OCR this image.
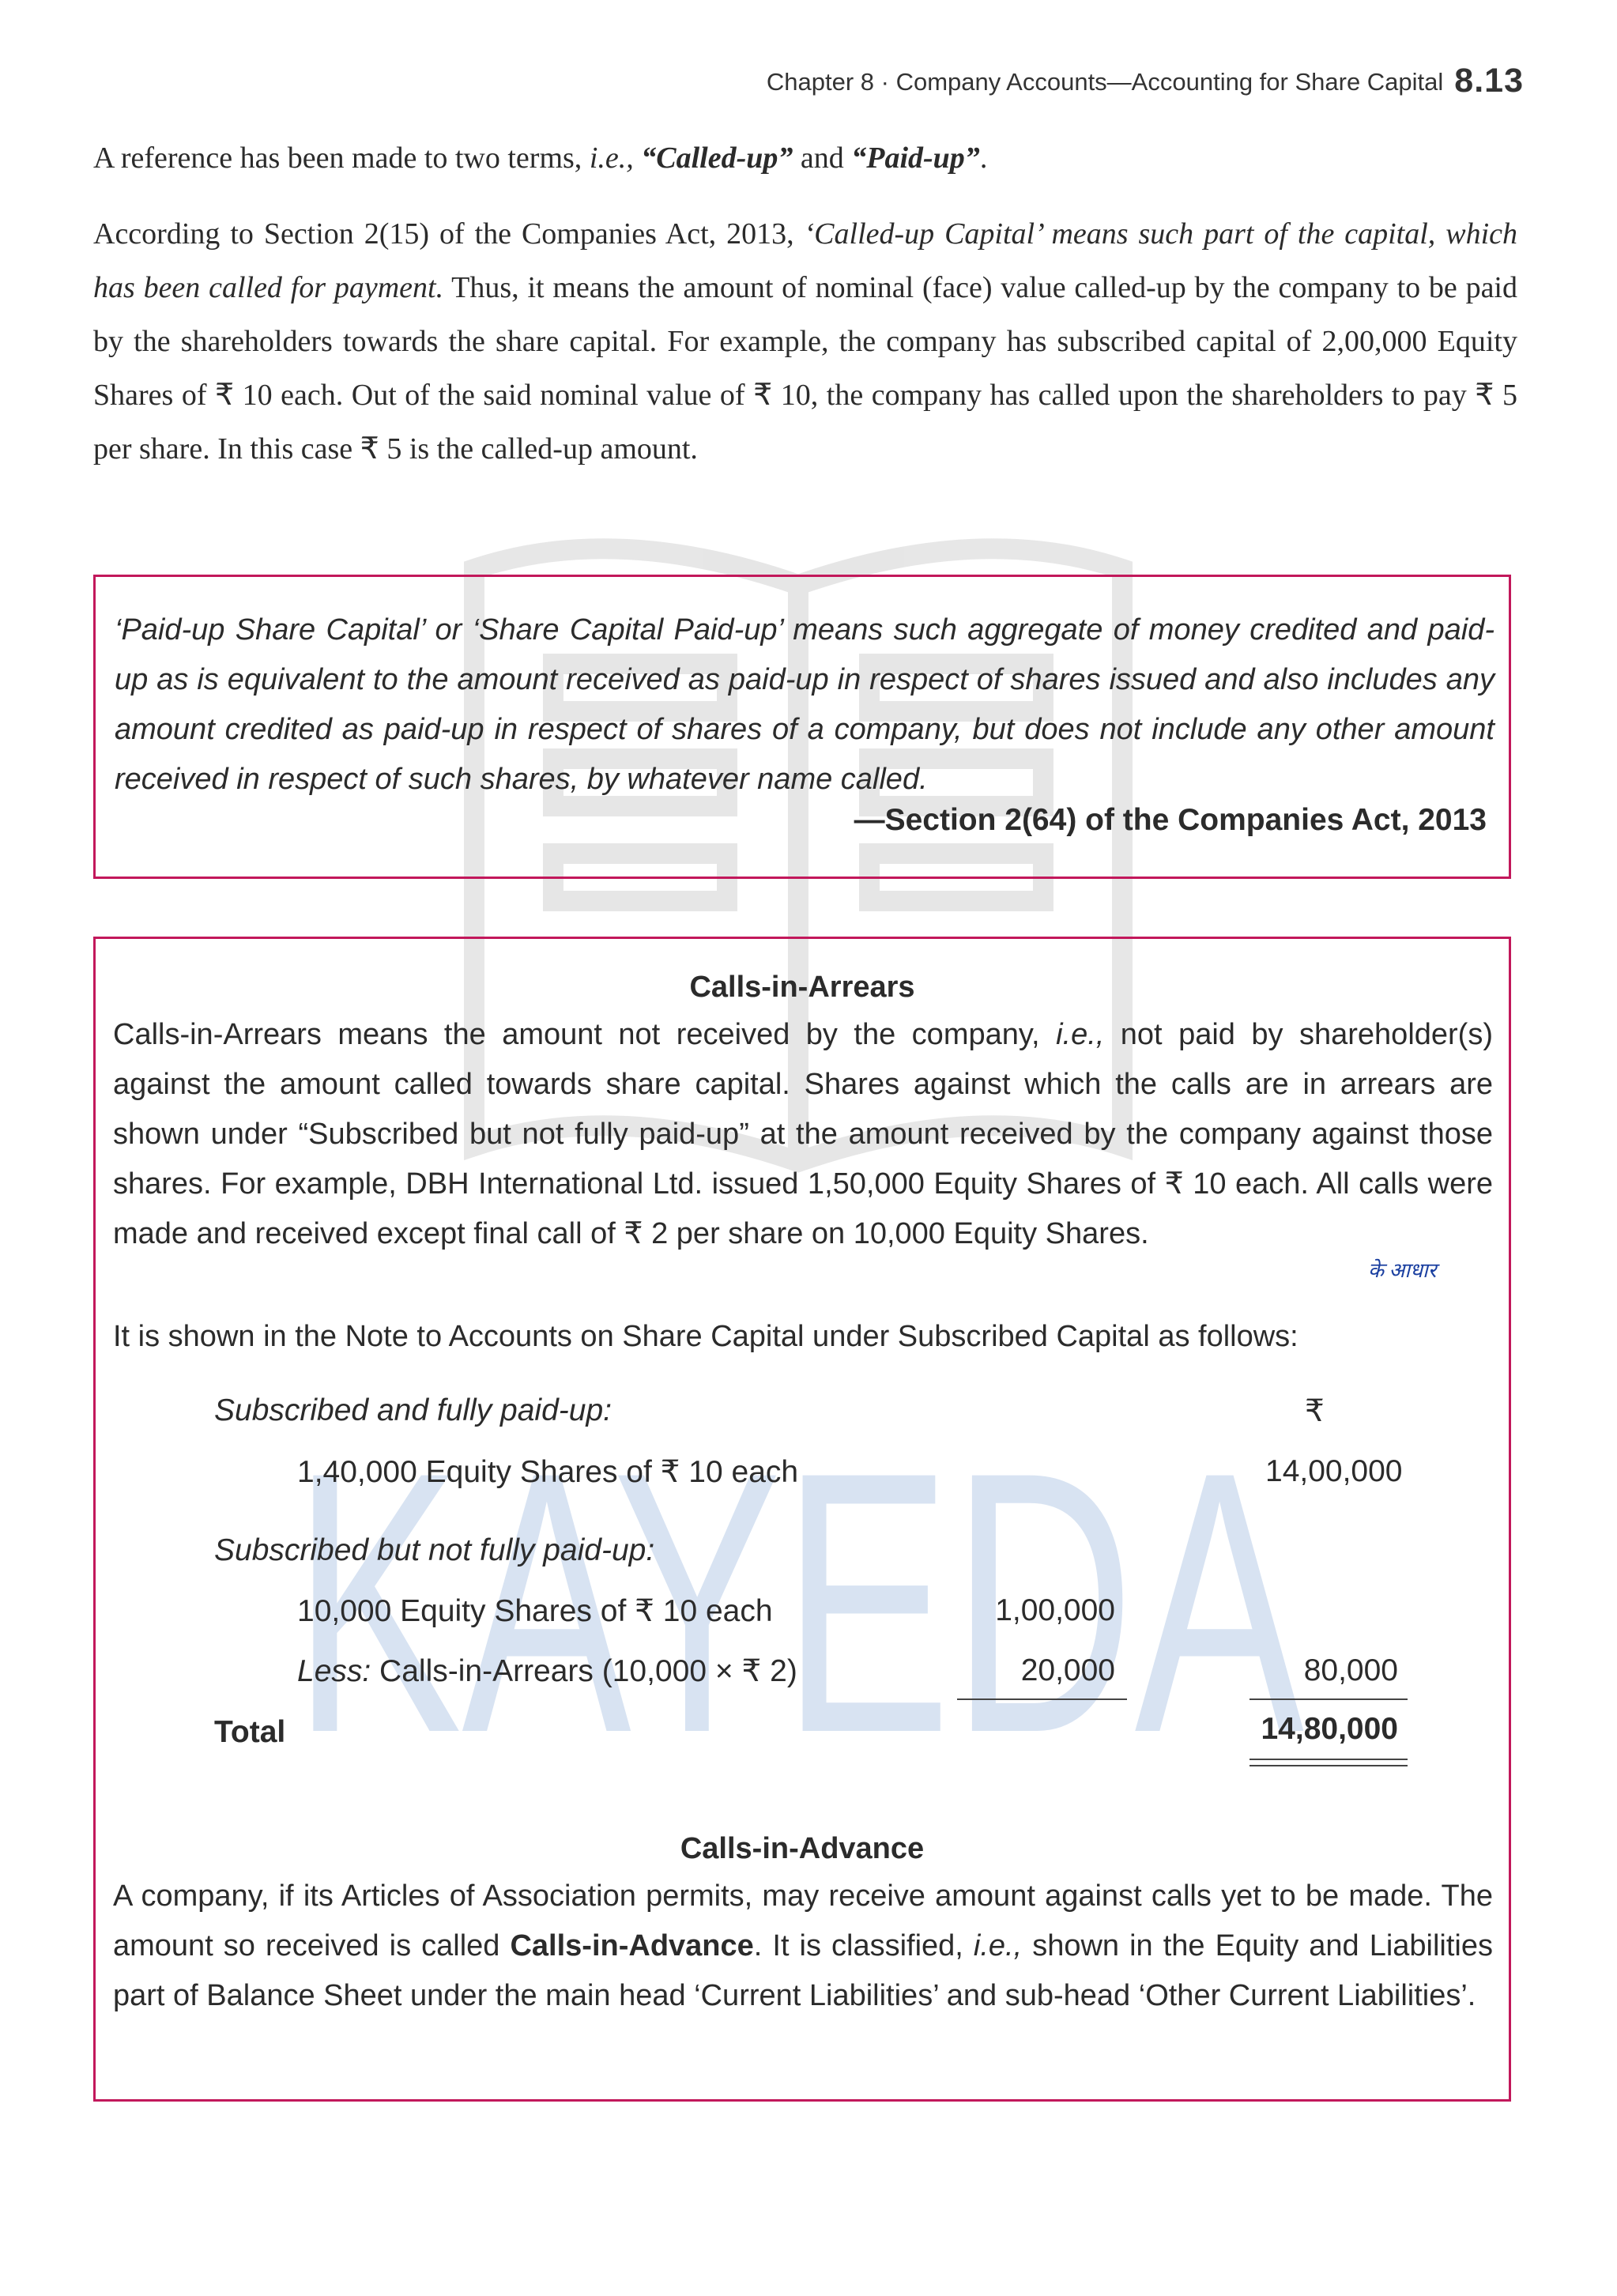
KAYEDA
Chapter 8 · Company Accounts—Accounting for Share Capital 8.13
A reference has been made to two terms, i.e., “Called-up” and “Paid-up”.
According to Section 2(15) of the Companies Act, 2013, ‘Called-up Capital’ means such part of the capital, which has been called for payment. Thus, it means the amount of nominal (face) value called-up by the company to be paid by the shareholders towards the share capital. For example, the company has subscribed capital of 2,00,000 Equity Shares of ₹ 10 each. Out of the said nominal value of ₹ 10, the company has called upon the shareholders to pay ₹ 5 per share. In this case ₹ 5 is the called-up amount.
‘Paid-up Share Capital’ or ‘Share Capital Paid-up’ means such aggregate of money credited and paid-up as is equivalent to the amount received as paid-up in respect of shares issued and also includes any amount credited as paid-up in respect of shares of a company, but does not include any other amount received in respect of such shares, by whatever name called.
—Section 2(64) of the Companies Act, 2013
Calls-in-Arrears
Calls-in-Arrears means the amount not received by the company, i.e., not paid by shareholder(s) against the amount called towards share capital. Shares against which the calls are in arrears are shown under “Subscribed but not fully paid-up” at the amount received by the company against those shares. For example, DBH International Ltd. issued 1,50,000 Equity Shares of ₹ 10 each. All calls were made and received except final call of ₹ 2 per share on 10,000 Equity Shares.
के आधार
It is shown in the Note to Accounts on Share Capital under Subscribed Capital as follows:
₹
Subscribed and fully paid-up:
1,40,000 Equity Shares of ₹ 10 each	14,00,000
Subscribed but not fully paid-up:
10,000 Equity Shares of ₹ 10 each	1,00,000
Less: Calls-in-Arrears (10,000 × ₹ 2)	20,000	80,000
Total	14,80,000
Calls-in-Advance
A company, if its Articles of Association permits, may receive amount against calls yet to be made. The amount so received is called Calls-in-Advance. It is classified, i.e., shown in the Equity and Liabilities part of Balance Sheet under the main head ‘Current Liabilities’ and sub-head ‘Other Current Liabilities’.
